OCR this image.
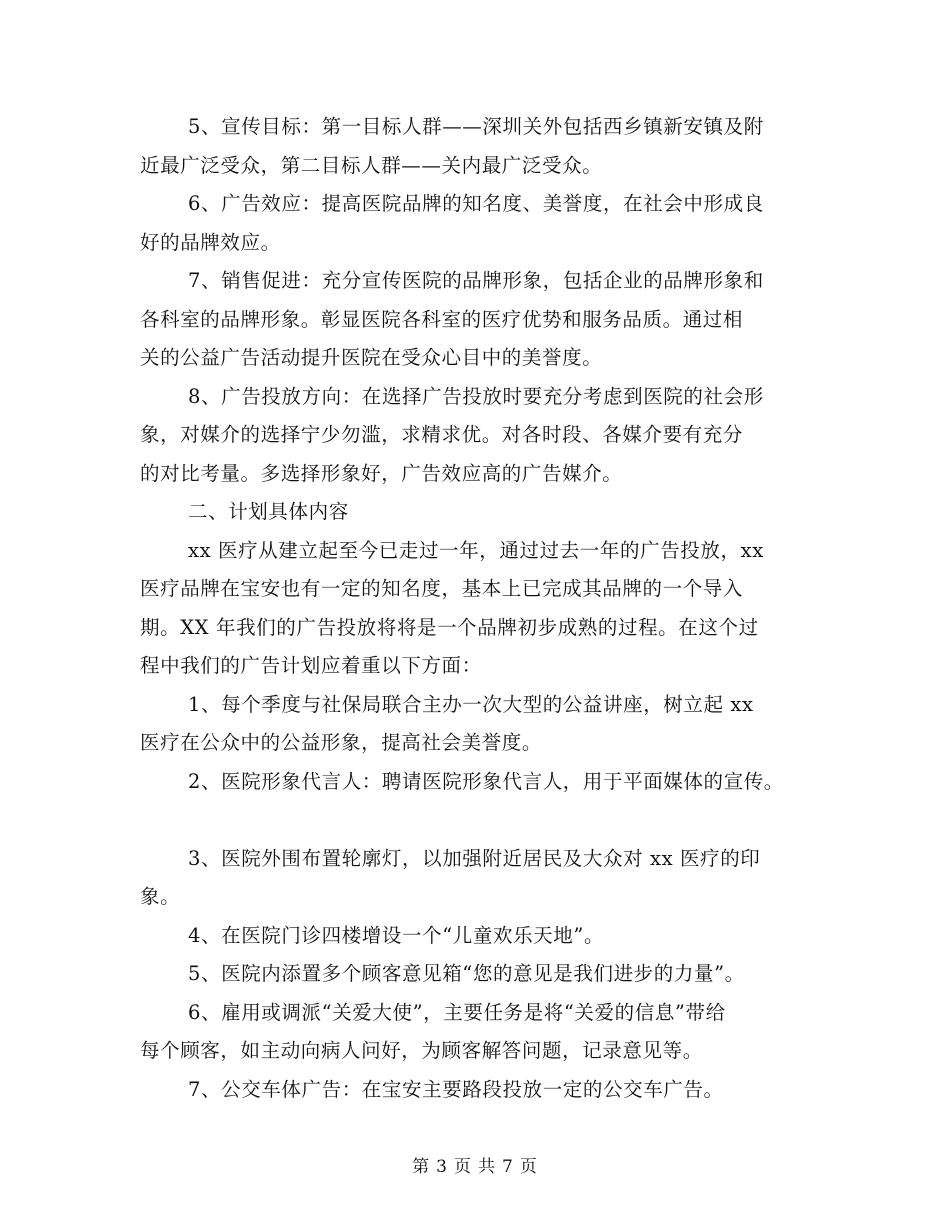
5、宣传目标：第一目标人群——深圳关外包括西乡镇新安镇及附
近最广泛受众，第二目标人群——关内最广泛受众。
6、广告效应：提高医院品牌的知名度、美誉度，在社会中形成良
好的品牌效应。
7、销售促进：充分宣传医院的品牌形象，包括企业的品牌形象和
各科室的品牌形象。彰显医院各科室的医疗优势和服务品质。通过相
关的公益广告活动提升医院在受众心目中的美誉度。
8、广告投放方向：在选择广告投放时要充分考虑到医院的社会形
象，对媒介的选择宁少勿滥，求精求优。对各时段、各媒介要有充分
的对比考量。多选择形象好，广告效应高的广告媒介。
二、计划具体内容
xx 医疗从建立起至今已走过一年，通过过去一年的广告投放，xx
医疗品牌在宝安也有一定的知名度，基本上已完成其品牌的一个导入
期。XX 年我们的广告投放将将是一个品牌初步成熟的过程。在这个过
程中我们的广告计划应着重以下方面：
1、每个季度与社保局联合主办一次大型的公益讲座，树立起 xx
医疗在公众中的公益形象，提高社会美誉度。
2、医院形象代言人：聘请医院形象代言人，用于平面媒体的宣传。
3、医院外围布置轮廓灯，以加强附近居民及大众对 xx 医疗的印
象。
4、在医院门诊四楼增设一个“儿童欢乐天地”。
5、医院内添置多个顾客意见箱“您的意见是我们进步的力量”。
6、雇用或调派“关爱大使”，主要任务是将“关爱的信息”带给
每个顾客，如主动向病人问好，为顾客解答问题，记录意见等。
7、公交车体广告：在宝安主要路段投放一定的公交车广告。
第 3 页 共 7 页
